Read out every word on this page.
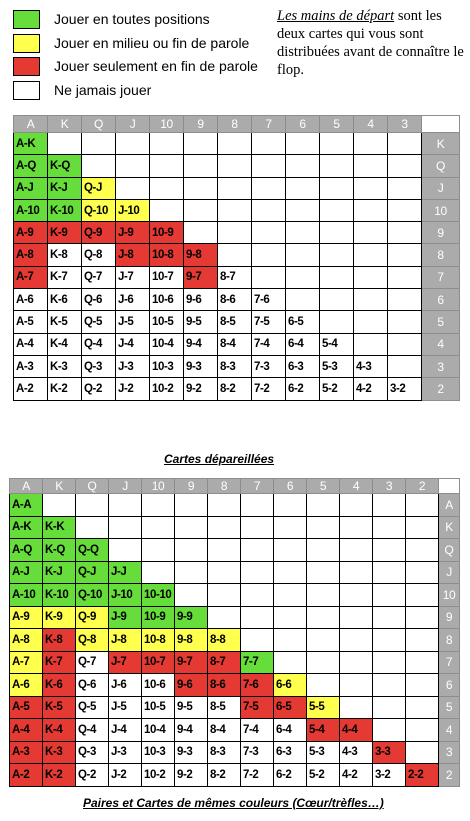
Jouer en toutes positions
Jouer en milieu ou fin de parole
Jouer seulement en fin de parole
Ne jamais jouer
Les mains de départ sont les deux cartes qui vous sont distribuées avant de connaître le flop.
A	K	Q	J	10	9	8	7	6	5	4	3	
A-K												K
A-Q	K-Q											Q
A-J	K-J	Q-J										J
A-10	K-10	Q-10	J-10									10
A-9	K-9	Q-9	J-9	10-9								9
A-8	K-8	Q-8	J-8	10-8	9-8							8
A-7	K-7	Q-7	J-7	10-7	9-7	8-7						7
A-6	K-6	Q-6	J-6	10-6	9-6	8-6	7-6					6
A-5	K-5	Q-5	J-5	10-5	9-5	8-5	7-5	6-5				5
A-4	K-4	Q-4	J-4	10-4	9-4	8-4	7-4	6-4	5-4			4
A-3	K-3	Q-3	J-3	10-3	9-3	8-3	7-3	6-3	5-3	4-3		3
A-2	K-2	Q-2	J-2	10-2	9-2	8-2	7-2	6-2	5-2	4-2	3-2	2
Cartes dépareillées
A	K	Q	J	10	9	8	7	6	5	4	3	2	
A-A													A
A-K	K-K												K
A-Q	K-Q	Q-Q											Q
A-J	K-J	Q-J	J-J										J
A-10	K-10	Q-10	J-10	10-10									10
A-9	K-9	Q-9	J-9	10-9	9-9								9
A-8	K-8	Q-8	J-8	10-8	9-8	8-8							8
A-7	K-7	Q-7	J-7	10-7	9-7	8-7	7-7						7
A-6	K-6	Q-6	J-6	10-6	9-6	8-6	7-6	6-6					6
A-5	K-5	Q-5	J-5	10-5	9-5	8-5	7-5	6-5	5-5				5
A-4	K-4	Q-4	J-4	10-4	9-4	8-4	7-4	6-4	5-4	4-4			4
A-3	K-3	Q-3	J-3	10-3	9-3	8-3	7-3	6-3	5-3	4-3	3-3		3
A-2	K-2	Q-2	J-2	10-2	9-2	8-2	7-2	6-2	5-2	4-2	3-2	2-2	2
Paires et Cartes de mêmes couleurs (Cœur/trèfles…)
